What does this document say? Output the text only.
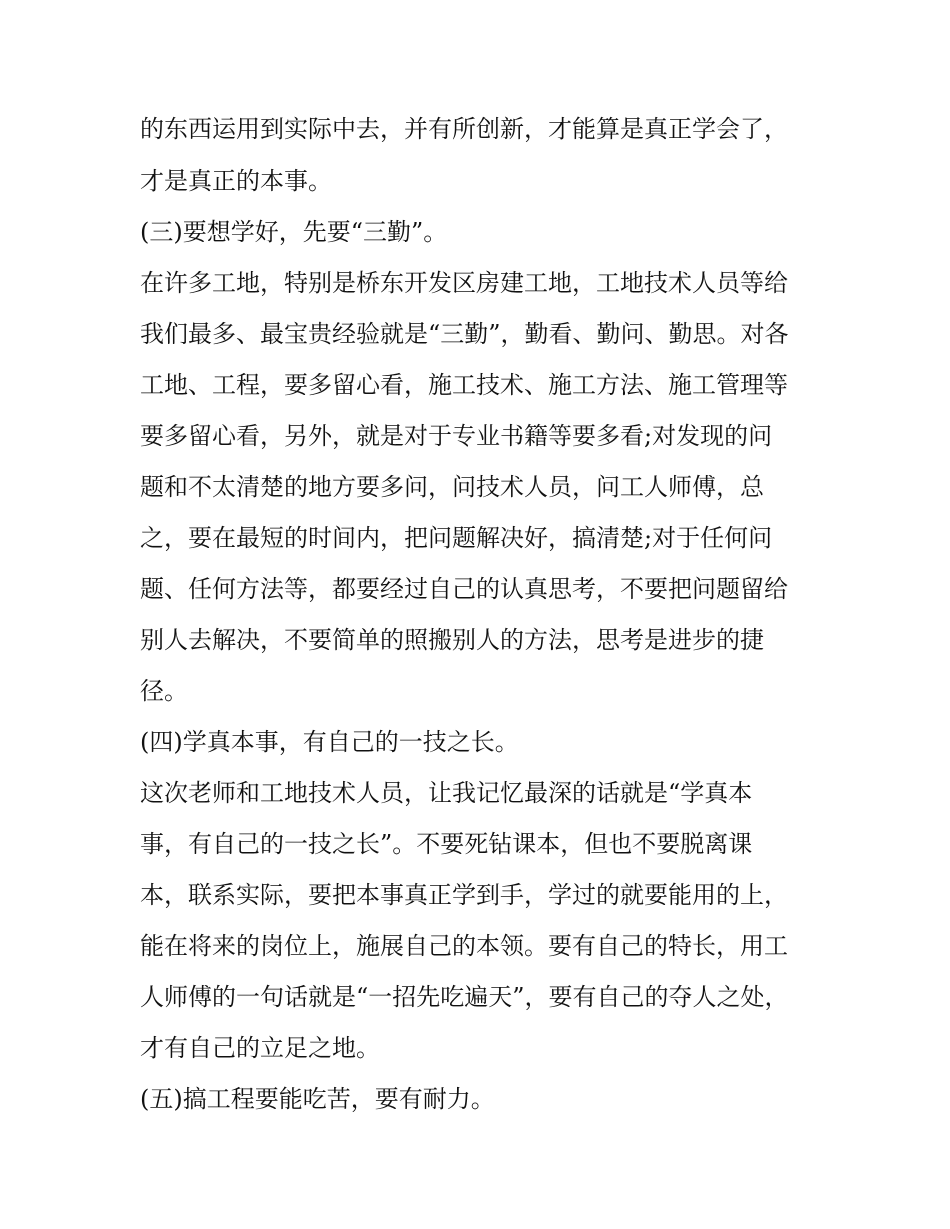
的东西运用到实际中去，并有所创新，才能算是真正学会了，
才是真正的本事。
(三)要想学好，先要“三勤”。
在许多工地，特别是桥东开发区房建工地，工地技术人员等给
我们最多、最宝贵经验就是“三勤”，勤看、勤问、勤思。对各
工地、工程，要多留心看，施工技术、施工方法、施工管理等
要多留心看，另外，就是对于专业书籍等要多看;对发现的问
题和不太清楚的地方要多问，问技术人员，问工人师傅，总
之，要在最短的时间内，把问题解决好，搞清楚;对于任何问
题、任何方法等，都要经过自己的认真思考，不要把问题留给
别人去解决，不要简单的照搬别人的方法，思考是进步的捷
径。
(四)学真本事，有自己的一技之长。
这次老师和工地技术人员，让我记忆最深的话就是“学真本
事，有自己的一技之长”。不要死钻课本，但也不要脱离课
本，联系实际，要把本事真正学到手，学过的就要能用的上，
能在将来的岗位上，施展自己的本领。要有自己的特长，用工
人师傅的一句话就是“一招先吃遍天”，要有自己的夺人之处，
才有自己的立足之地。
(五)搞工程要能吃苦，要有耐力。
